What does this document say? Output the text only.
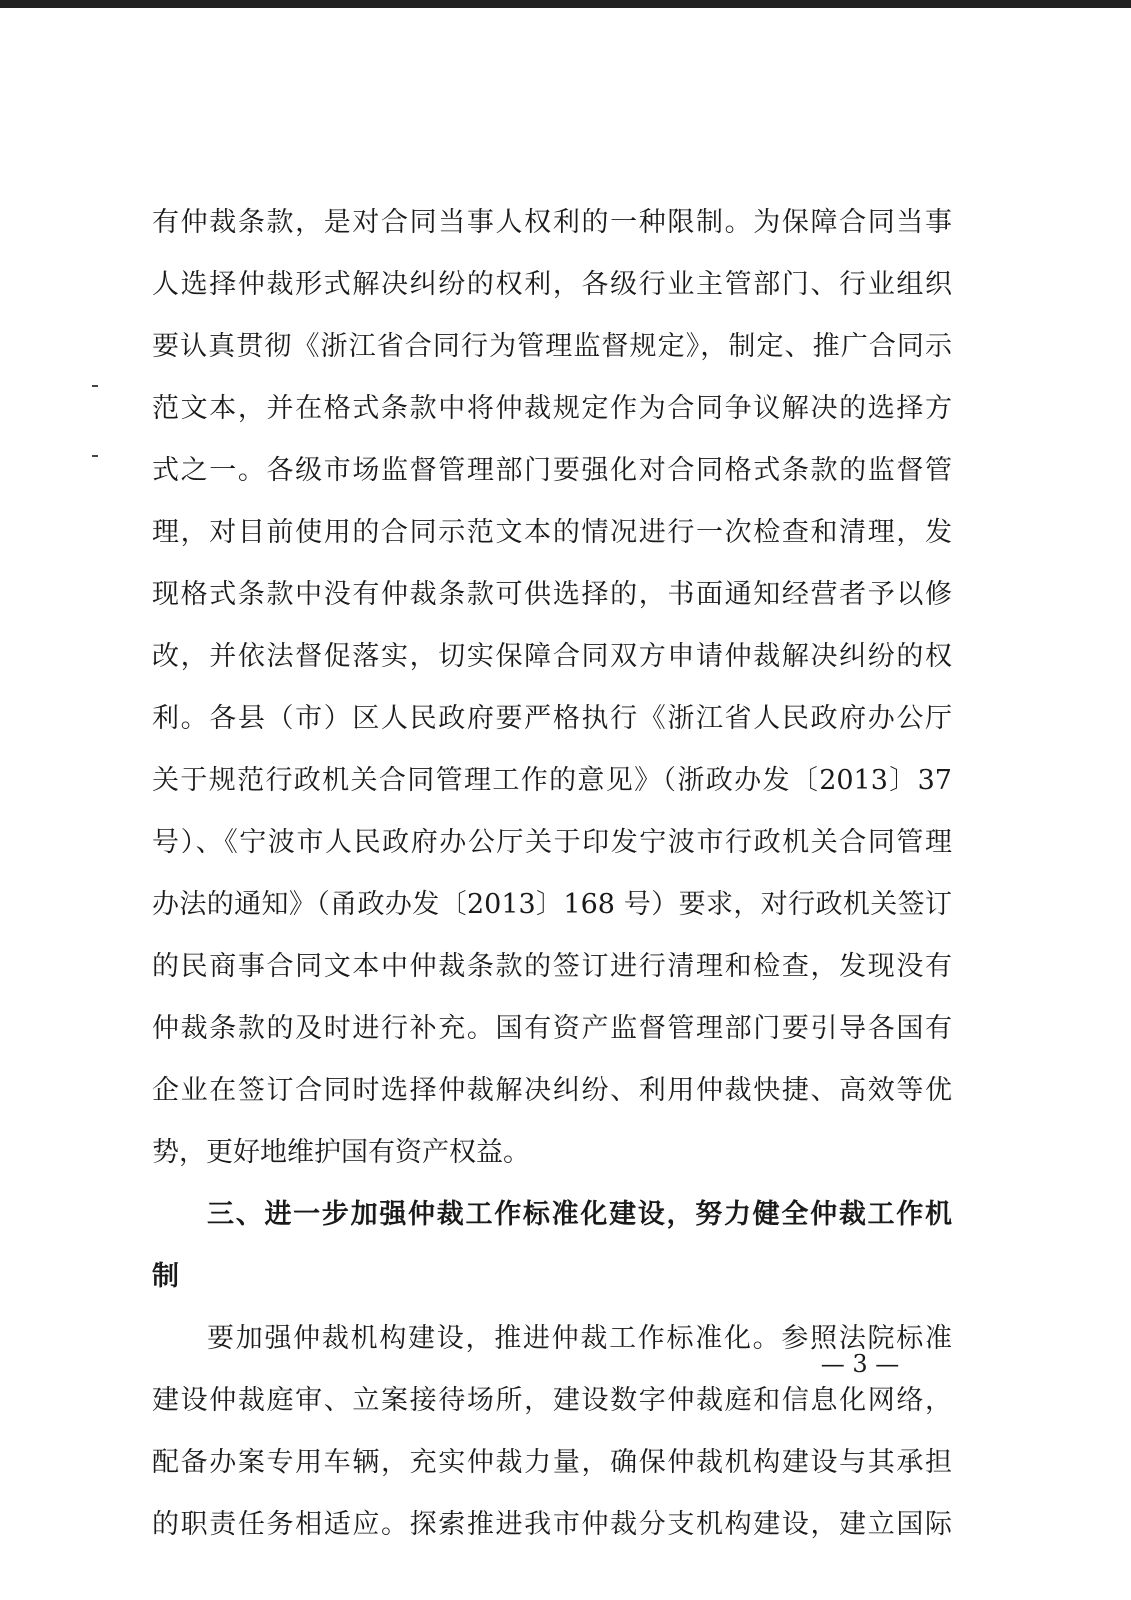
有仲裁条款，是对合同当事人权利的一种限制。为保障合同当事
人选择仲裁形式解决纠纷的权利，各级行业主管部门、行业组织
要认真贯彻《浙江省合同行为管理监督规定》，制定、推广合同示
范文本，并在格式条款中将仲裁规定作为合同争议解决的选择方
式之一。各级市场监督管理部门要强化对合同格式条款的监督管
理，对目前使用的合同示范文本的情况进行一次检查和清理，发
现格式条款中没有仲裁条款可供选择的，书面通知经营者予以修
改，并依法督促落实，切实保障合同双方申请仲裁解决纠纷的权
利。各县（市）区人民政府要严格执行《浙江省人民政府办公厅
关于规范行政机关合同管理工作的意见》（浙政办发〔2013〕37
号）、《宁波市人民政府办公厅关于印发宁波市行政机关合同管理
办法的通知》（甬政办发〔2013〕168 号）要求，对行政机关签订
的民商事合同文本中仲裁条款的签订进行清理和检查，发现没有
仲裁条款的及时进行补充。国有资产监督管理部门要引导各国有
企业在签订合同时选择仲裁解决纠纷、利用仲裁快捷、高效等优
势，更好地维护国有资产权益。
三、进一步加强仲裁工作标准化建设，努力健全仲裁工作机
制
要加强仲裁机构建设，推进仲裁工作标准化。参照法院标准
建设仲裁庭审、立案接待场所，建设数字仲裁庭和信息化网络，
配备办案专用车辆，充实仲裁力量，确保仲裁机构建设与其承担
的职责任务相适应。探索推进我市仲裁分支机构建设，建立国际
— 3 —
